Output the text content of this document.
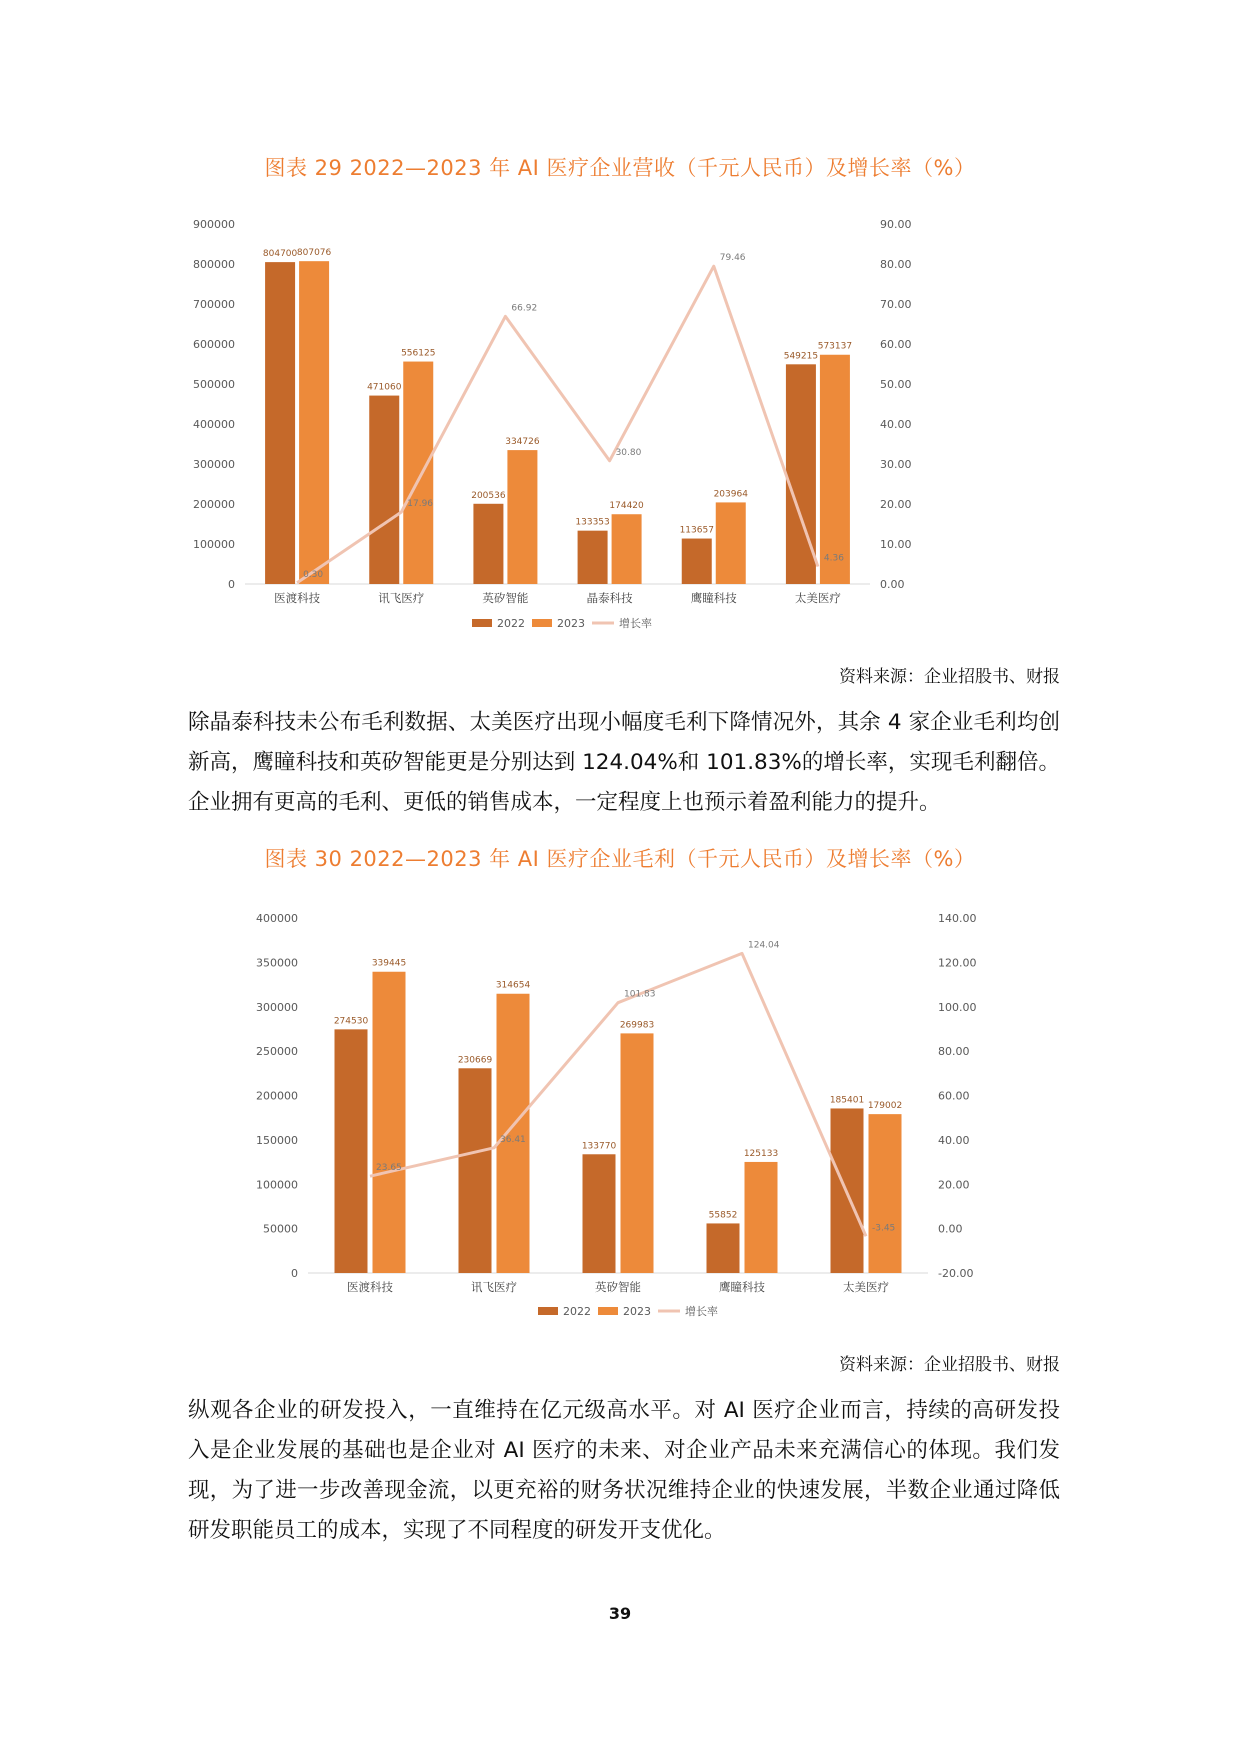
图表 29 2022—2023 年 AI 医疗企业营收（千元人民币）及增长率（%）
0
100000
200000
300000
400000
500000
600000
700000
800000
900000
0.00
10.00
20.00
30.00
40.00
50.00
60.00
70.00
80.00
90.00
804700 807076
医渡科技
471060
556125
讯飞医疗
200536
334726
英矽智能
133353
174420
晶泰科技
113657
203964
鹰瞳科技
549215
573137
太美医疗
0.30
17.96
66.92
30.80
79.46
4.36
2022	2023	增长率
资料来源：企业招股书、财报

除晶泰科技未公布毛利数据、太美医疗出现小幅度毛利下降情况外，其余 4 家企业毛利均创新高，鹰瞳科技和英矽智能更是分别达到 124.04%和 101.83%的增长率，实现毛利翻倍。企业拥有更高的毛利、更低的销售成本，一定程度上也预示着盈利能力的提升。

图表 30 2022—2023 年 AI 医疗企业毛利（千元人民币）及增长率（%）
0
50000
100000
150000
200000
250000
300000
350000
400000
-20.00
0.00
20.00
40.00
60.00
80.00
100.00
120.00
140.00
274530
339445
医渡科技
230669
314654
讯飞医疗
133770
269983
英矽智能
55852
125133
鹰瞳科技
185401
179002
太美医疗
23.65
36.41
101.83
124.04
-3.45
2022	2023	增长率
资料来源：企业招股书、财报

纵观各企业的研发投入，一直维持在亿元级高水平。对 AI 医疗企业而言，持续的高研发投入是企业发展的基础也是企业对 AI 医疗的未来、对企业产品未来充满信心的体现。我们发现，为了进一步改善现金流，以更充裕的财务状况维持企业的快速发展，半数企业通过降低研发职能员工的成本，实现了不同程度的研发开支优化。

39
